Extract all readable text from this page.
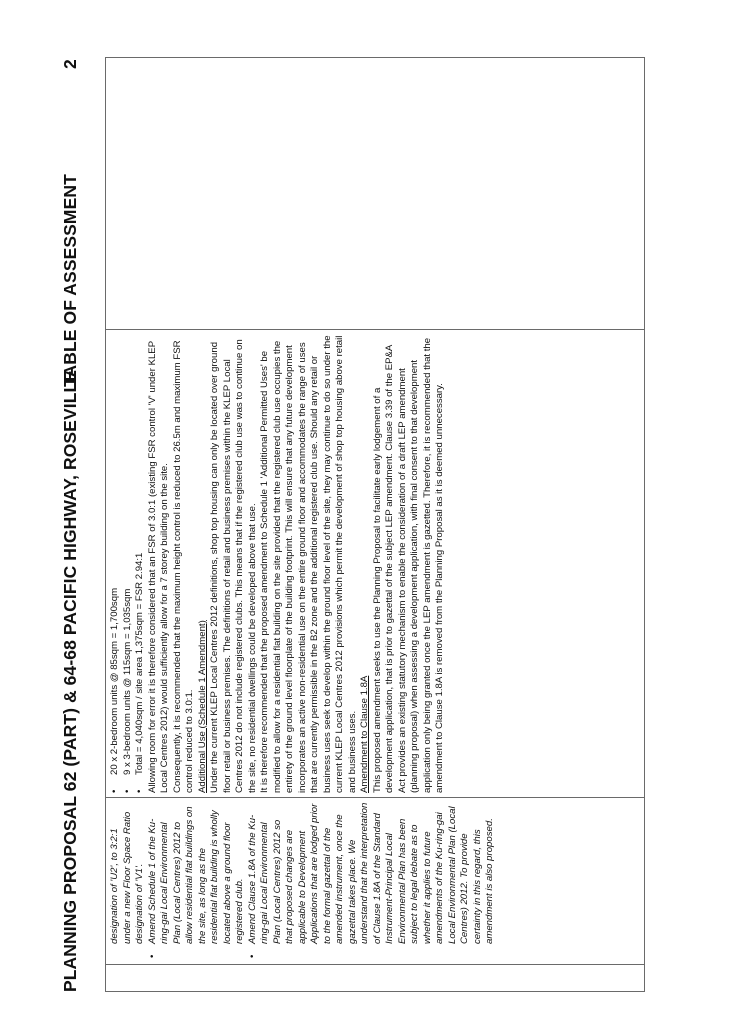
PLANNING PROPOSAL 62 (PART) & 64-68 PACIFIC HIGHWAY, ROSEVILLE
TABLE OF ASSESSMENT
2

designation of 'U2', to 3:2:1 under a new Floor Space Ratio designation of 'V1'.

•
Amend Schedule 1 of the Ku-ring-gai Local Environmental Plan (Local Centres) 2012 to allow residential flat buildings on the site, as long as the residential flat building is wholly located above a ground floor registered club.
•
Amend Clause 1.8A of the Ku-ring-gai Local Environmental Plan (Local Centres) 2012 so that proposed changes are applicable to Development Applications that are lodged prior to the formal gazettal of the amended instrument, once the gazettal takes place. We understand that the interpretation of Clause 1.8A of the Standard Instrument-Principal Local Environmental Plan has been subject to legal debate as to whether it applies to future amendments of the Ku-ring-gai Local Environmental Plan (Local Centres) 2012. To provide certainty in this regard, this amendment is also proposed.

•
20 x 2-bedroom units @ 85sqm = 1,700sqm
•
9 x 3-bedroom units @ 115sqm = 1,035sqm
•
Total = 4,040sqm / site area 1,375sqm = FSR 2.94:1 Allowing room for error it is therefore considered that an FSR of 3.0:1 (existing FSR control 'V' under KLEP Local Centres 2012) would sufficiently allow for a 7 storey building on the site. Consequently, it is recommended that the maximum height control is reduced to 26.5m and maximum FSR control reduced to 3.0:1. Additional Use (Schedule 1 Amendment) Under the current KLEP Local Centres 2012 definitions, shop top housing can only be located over ground floor retail or business premises. The definitions of retail and business premises within the KLEP Local Centres 2012 do not include registered clubs. This means that if the registered club use was to continue on the site, no residential dwellings could be developed above that use. It is therefore recommended that the proposed amendment to Schedule 1 'Additional Permitted Uses' be modified to allow for a residential flat building on the site provided that the registered club use occupies the entirety of the ground level floorplate of the building footprint. This will ensure that any future development incorporates an active non-residential use on the entire ground floor and accommodates the range of uses that are currently permissible in the B2 zone and the additional registered club use. Should any retail or business uses seek to develop within the ground floor level of the site, they may continue to do so under the current KLEP Local Centres 2012 provisions which permit the development of shop top housing above retail and business uses. Amendment to Clause 1.8A This proposed amendment seeks to use the Planning Proposal to facilitate early lodgement of a development application, that is prior to gazettal of the subject LEP amendment. Clause 3.39 of the EP&A Act provides an existing statutory mechanism to enable the consideration of a draft LEP amendment (planning proposal) when assessing a development application, with final consent to that development application only being granted once the LEP amendment is gazetted. Therefore, it is recommended that the amendment to Clause 1.8A is removed from the Planning Proposal as it is deemed unnecessary.
